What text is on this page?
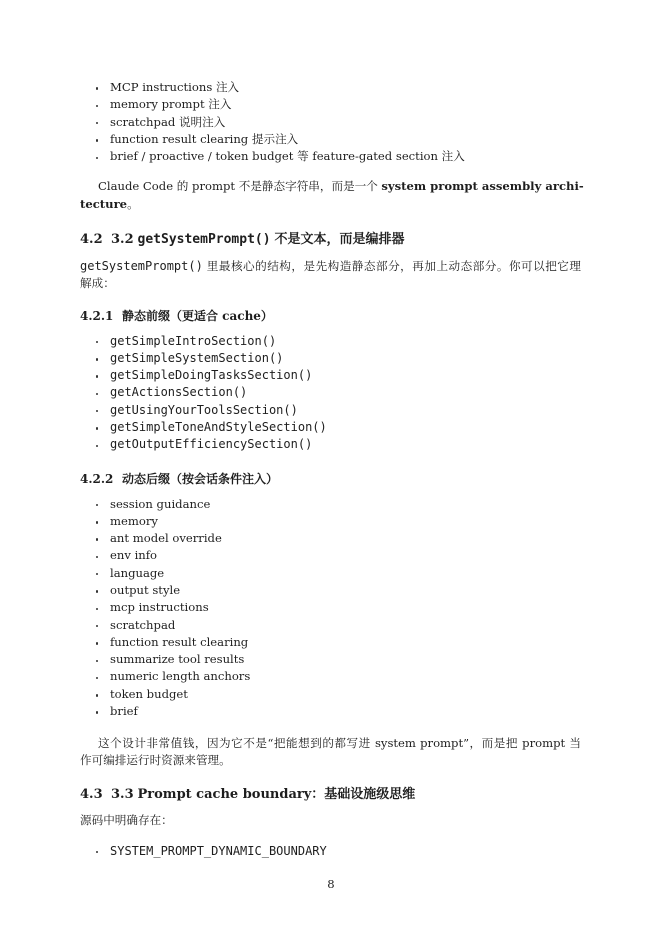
MCP instructions 注入
memory prompt 注入
scratchpad 说明注入
function result clearing 提示注入
brief / proactive / token budget 等 feature-gated section 注入
Claude Code 的 prompt 不是静态字符串，而是一个 system prompt assembly archi-
tecture。
4.2 3.2 getSystemPrompt() 不是文本，而是编排器
getSystemPrompt() 里最核心的结构，是先构造静态部分，再加上动态部分。你可以把它理
解成：
4.2.1 静态前缀（更适合 cache）
getSimpleIntroSection()
getSimpleSystemSection()
getSimpleDoingTasksSection()
getActionsSection()
getUsingYourToolsSection()
getSimpleToneAndStyleSection()
getOutputEfficiencySection()
4.2.2 动态后缀（按会话条件注入）
session guidance
memory
ant model override
env info
language
output style
mcp instructions
scratchpad
function result clearing
summarize tool results
numeric length anchors
token budget
brief
这个设计非常值钱，因为它不是“把能想到的都写进 system prompt”，而是把 prompt 当
作可编排运行时资源来管理。
4.3 3.3 Prompt cache boundary：基础设施级思维
源码中明确存在：
SYSTEM_PROMPT_DYNAMIC_BOUNDARY
8
